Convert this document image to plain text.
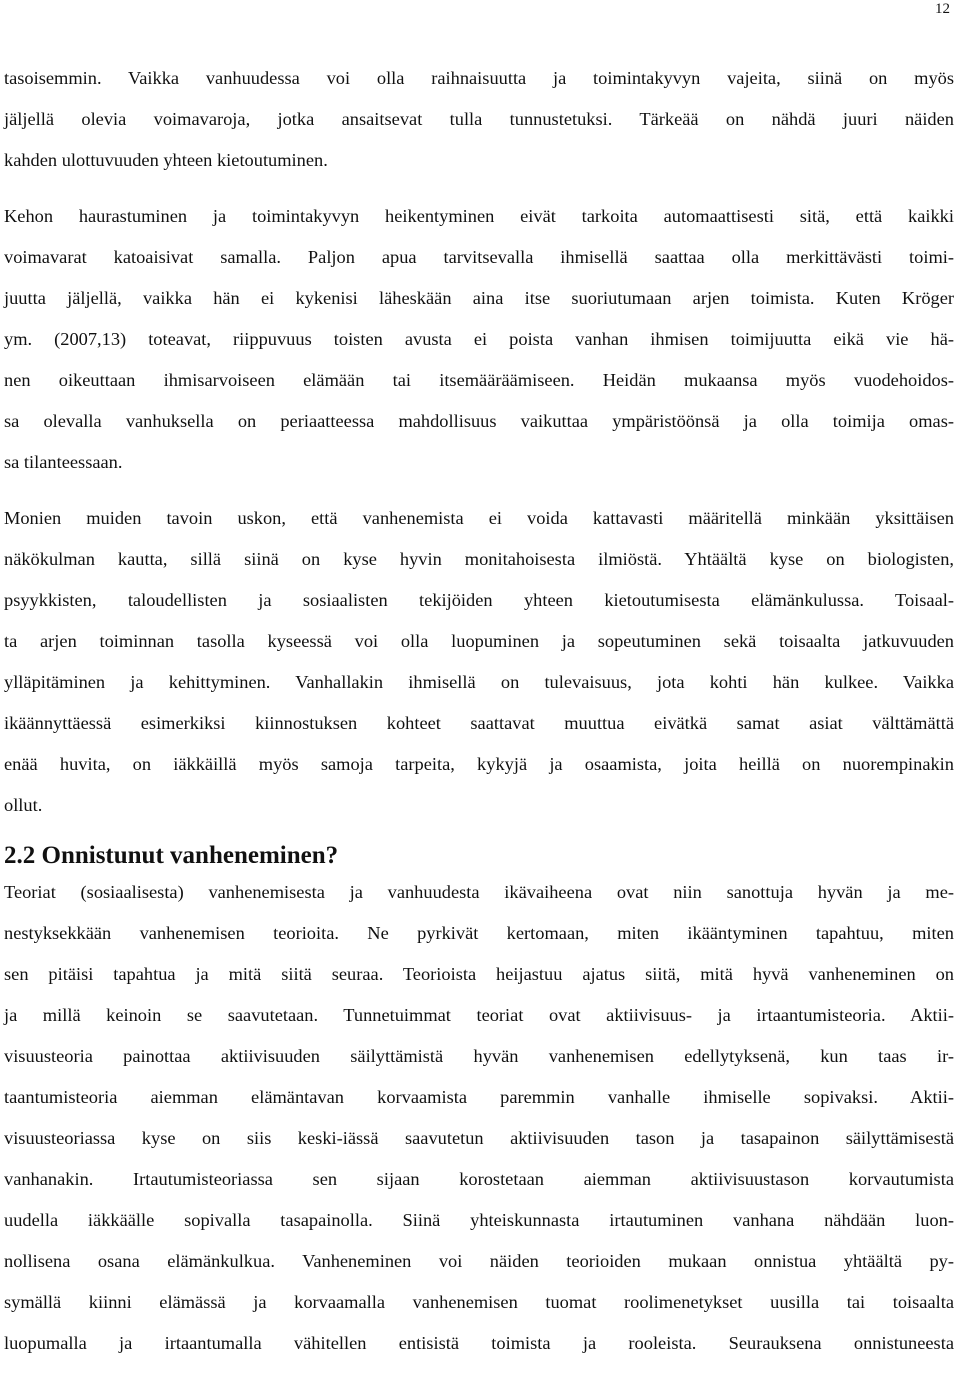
12
tasoisemmin. Vaikka vanhuudessa voi olla raihnaisuutta ja toimintakyvyn vajeita, siinä on myös
jäljellä olevia voimavaroja, jotka ansaitsevat tulla tunnustetuksi. Tärkeää on nähdä juuri näiden
kahden ulottuvuuden yhteen kietoutuminen.
Kehon haurastuminen ja toimintakyvyn heikentyminen eivät tarkoita automaattisesti sitä, että kaikki
voimavarat katoaisivat samalla. Paljon apua tarvitsevalla ihmisellä saattaa olla merkittävästi toimi-
juutta jäljellä, vaikka hän ei kykenisi läheskään aina itse suoriutumaan arjen toimista. Kuten Kröger
ym. (2007,13) toteavat, riippuvuus toisten avusta ei poista vanhan ihmisen toimijuutta eikä vie hä-
nen oikeuttaan ihmisarvoiseen elämään tai itsemääräämiseen. Heidän mukaansa myös vuodehoidos-
sa olevalla vanhuksella on periaatteessa mahdollisuus vaikuttaa ympäristöönsä ja olla toimija omas-
sa tilanteessaan.
Monien muiden tavoin uskon, että vanhenemista ei voida kattavasti määritellä minkään yksittäisen
näkökulman kautta, sillä siinä on kyse hyvin monitahoisesta ilmiöstä. Yhtäältä kyse on biologisten,
psyykkisten, taloudellisten ja sosiaalisten tekijöiden yhteen kietoutumisesta elämänkulussa. Toisaal-
ta arjen toiminnan tasolla kyseessä voi olla luopuminen ja sopeutuminen sekä toisaalta jatkuvuuden
ylläpitäminen ja kehittyminen. Vanhallakin ihmisellä on tulevaisuus, jota kohti hän kulkee. Vaikka
ikäännyttäessä esimerkiksi kiinnostuksen kohteet saattavat muuttua eivätkä samat asiat välttämättä
enää huvita, on iäkkäillä myös samoja tarpeita, kykyjä ja osaamista, joita heillä on nuorempinakin
ollut.
2.2 Onnistunut vanheneminen?
Teoriat (sosiaalisesta) vanhenemisesta ja vanhuudesta ikävaiheena ovat niin sanottuja hyvän ja me-
nestyksekkään vanhenemisen teorioita. Ne pyrkivät kertomaan, miten ikääntyminen tapahtuu, miten
sen pitäisi tapahtua ja mitä siitä seuraa. Teorioista heijastuu ajatus siitä, mitä hyvä vanheneminen on
ja millä keinoin se saavutetaan. Tunnetuimmat teoriat ovat aktiivisuus- ja irtaantumisteoria. Aktii-
visuusteoria painottaa aktiivisuuden säilyttämistä hyvän vanhenemisen edellytyksenä, kun taas ir-
taantumisteoria aiemman elämäntavan korvaamista paremmin vanhalle ihmiselle sopivaksi. Aktii-
visuusteoriassa kyse on siis keski-iässä saavutetun aktiivisuuden tason ja tasapainon säilyttämisestä
vanhanakin. Irtautumisteoriassa sen sijaan korostetaan aiemman aktiivisuustason korvautumista
uudella iäkkäälle sopivalla tasapainolla. Siinä yhteiskunnasta irtautuminen vanhana nähdään luon-
nollisena osana elämänkulkua. Vanheneminen voi näiden teorioiden mukaan onnistua yhtäältä py-
symällä kiinni elämässä ja korvaamalla vanhenemisen tuomat roolimenetykset uusilla tai toisaalta
luopumalla ja irtaantumalla vähitellen entisistä toimista ja rooleista. Seurauksena onnistuneesta
